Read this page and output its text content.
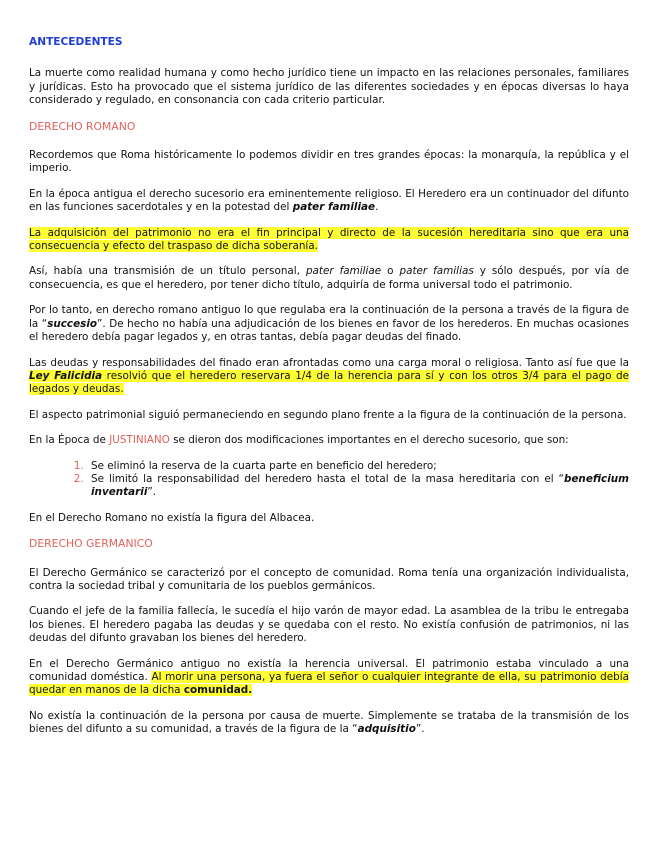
ANTECEDENTES

La muerte como realidad humana y como hecho jurídico tiene un impacto en las relaciones personales, familiares y jurídicas. Esto ha provocado que el sistema jurídico de las diferentes sociedades y en épocas diversas lo haya considerado y regulado, en consonancia con cada criterio particular.

DERECHO ROMANO

Recordemos que Roma históricamente lo podemos dividir en tres grandes épocas: la monarquía, la república y el imperio.

En la época antigua el derecho sucesorio era eminentemente religioso. El Heredero era un continuador del difunto en las funciones sacerdotales y en la potestad del pater familiae.

La adquisición del patrimonio no era el fin principal y directo de la sucesión hereditaria sino que era una consecuencia y efecto del traspaso de dicha soberanía.

Así, había una transmisión de un título personal, pater familiae o pater familias y sólo después, por vía de consecuencia, es que el heredero, por tener dicho título, adquiría de forma universal todo el patrimonio.

Por lo tanto, en derecho romano antiguo lo que regulaba era la continuación de la persona a través de la figura de la “succesio”. De hecho no había una adjudicación de los bienes en favor de los herederos. En muchas ocasiones el heredero debía pagar legados y, en otras tantas, debía pagar deudas del finado.

Las deudas y responsabilidades del finado eran afrontadas como una carga moral o religiosa. Tanto así fue que la Ley Falicidia resolvió que el heredero reservara 1/4 de la herencia para sí y con los otros 3/4 para el pago de legados y deudas.

El aspecto patrimonial siguió permaneciendo en segundo plano frente a la figura de la continuación de la persona.

En la Época de JUSTINIANO se dieron dos modificaciones importantes en el derecho sucesorio, que son:

1. Se eliminó la reserva de la cuarta parte en beneficio del heredero;
2. Se limitó la responsabilidad del heredero hasta el total de la masa hereditaria con el “beneficium inventarii”.

En el Derecho Romano no existía la figura del Albacea.

DERECHO GERMANICO

El Derecho Germánico se caracterizó por el concepto de comunidad. Roma tenía una organización individualista, contra la sociedad tribal y comunitaria de los pueblos germánicos.

Cuando el jefe de la familia fallecía, le sucedía el hijo varón de mayor edad. La asamblea de la tribu le entregaba los bienes. El heredero pagaba las deudas y se quedaba con el resto. No existía confusión de patrimonios, ni las deudas del difunto gravaban los bienes del heredero.

En el Derecho Germánico antiguo no existía la herencia universal. El patrimonio estaba vinculado a una comunidad doméstica. Al morir una persona, ya fuera el señor o cualquier integrante de ella, su patrimonio debía quedar en manos de la dicha comunidad.

No existía la continuación de la persona por causa de muerte. Simplemente se trataba de la transmisión de los bienes del difunto a su comunidad, a través de la figura de la “adquisitio”.
